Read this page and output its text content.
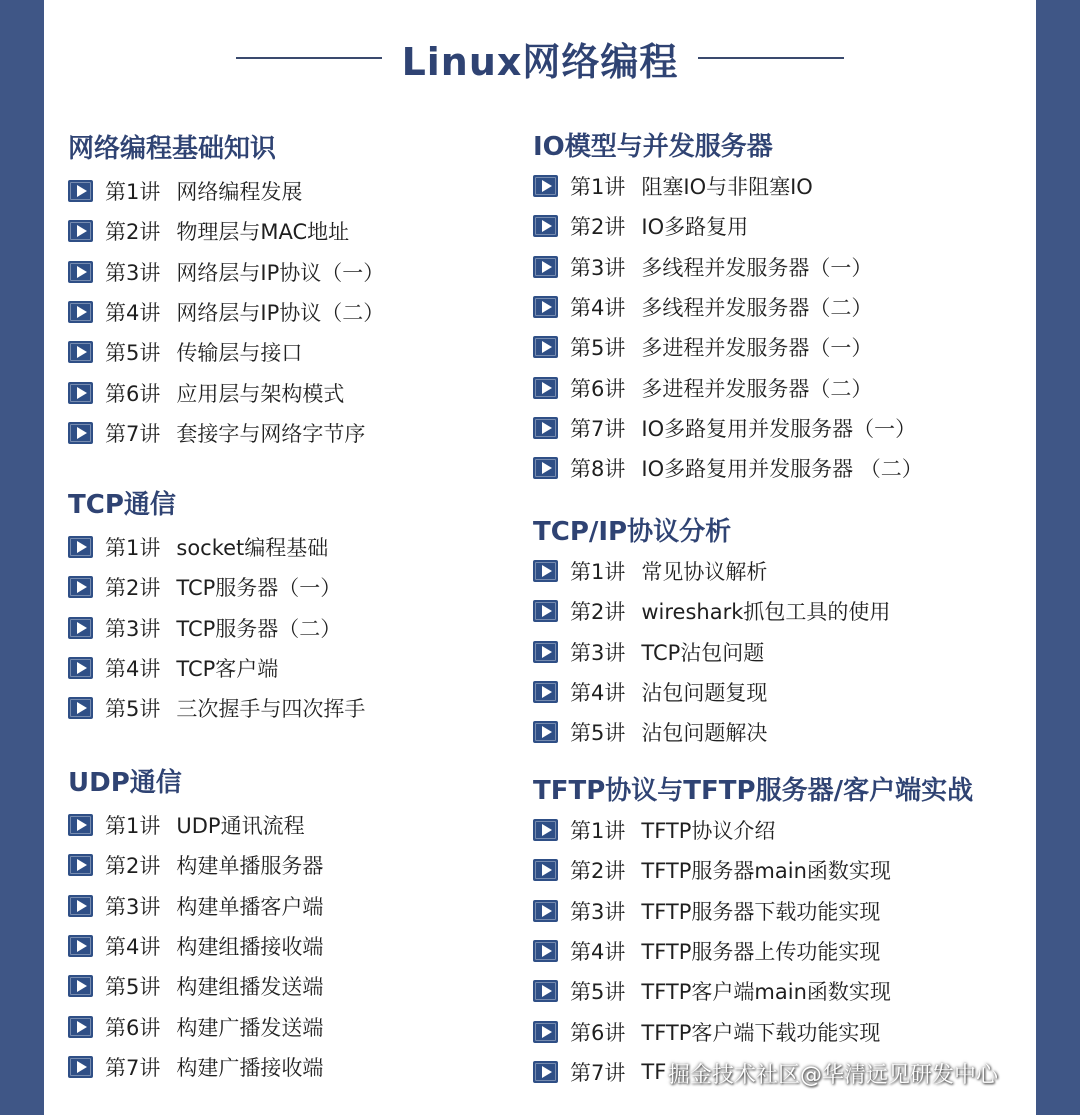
Linux网络编程
网络编程基础知识
第1讲 网络编程发展
第2讲 物理层与MAC地址
第3讲 网络层与IP协议（一）
第4讲 网络层与IP协议（二）
第5讲 传输层与接口
第6讲 应用层与架构模式
第7讲 套接字与网络字节序
TCP通信
第1讲 socket编程基础
第2讲 TCP服务器（一）
第3讲 TCP服务器（二）
第4讲 TCP客户端
第5讲 三次握手与四次挥手
UDP通信
第1讲 UDP通讯流程
第2讲 构建单播服务器
第3讲 构建单播客户端
第4讲 构建组播接收端
第5讲 构建组播发送端
第6讲 构建广播发送端
第7讲 构建广播接收端
IO模型与并发服务器
第1讲 阻塞IO与非阻塞IO
第2讲 IO多路复用
第3讲 多线程并发服务器（一）
第4讲 多线程并发服务器（二）
第5讲 多进程并发服务器（一）
第6讲 多进程并发服务器（二）
第7讲 IO多路复用并发服务器（一）
第8讲 IO多路复用并发服务器 （二）
TCP/IP协议分析
第1讲 常见协议解析
第2讲 wireshark抓包工具的使用
第3讲 TCP沾包问题
第4讲 沾包问题复现
第5讲 沾包问题解决
TFTP协议与TFTP服务器/客户端实战
第1讲 TFTP协议介绍
第2讲 TFTP服务器main函数实现
第3讲 TFTP服务器下载功能实现
第4讲 TFTP服务器上传功能实现
第5讲 TFTP客户端main函数实现
第6讲 TFTP客户端下载功能实现
第7讲 TF 掘金技术社区@华清远见研发中心
